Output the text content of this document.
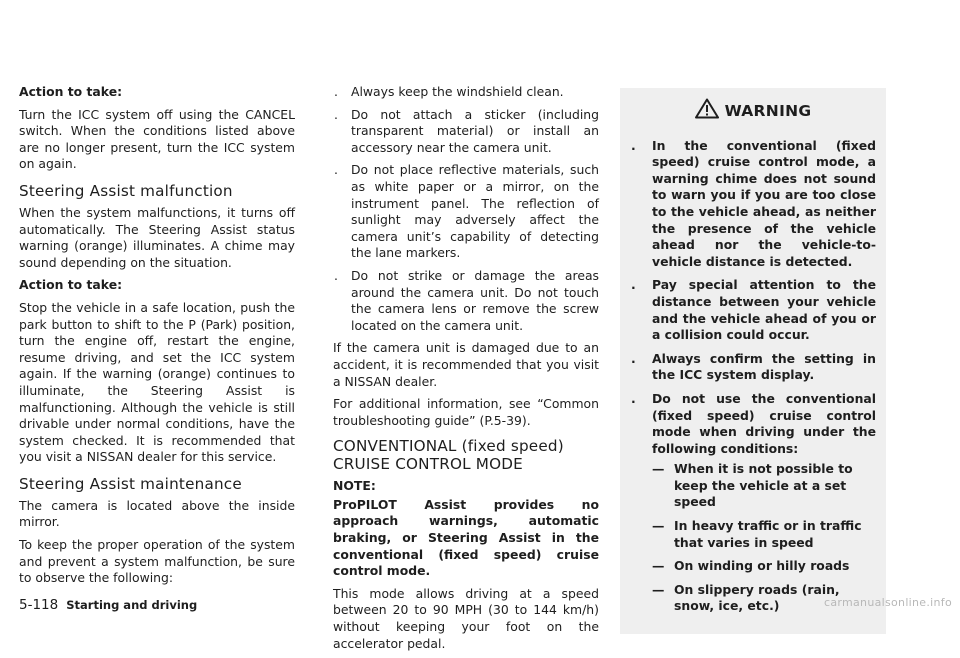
Action to take:

Turn the ICC system off using the CANCEL switch. When the conditions listed above are no longer present, turn the ICC system on again.

Steering Assist malfunction

When the system malfunctions, it turns off automatically. The Steering Assist status warning (orange) illuminates. A chime may sound depending on the situation.

Action to take:

Stop the vehicle in a safe location, push the park button to shift to the P (Park) position, turn the engine off, restart the engine, resume driving, and set the ICC system again. If the warning (orange) continues to illuminate, the Steering Assist is malfunctioning. Although the vehicle is still drivable under normal conditions, have the system checked. It is recommended that you visit a NISSAN dealer for this service.

Steering Assist maintenance

The camera is located above the inside mirror.

To keep the proper operation of the system and prevent a system malfunction, be sure to observe the following:

. Always keep the windshield clean.
. Do not attach a sticker (including transparent material) or install an accessory near the camera unit.
. Do not place reflective materials, such as white paper or a mirror, on the instrument panel. The reflection of sunlight may adversely affect the camera unit’s capability of detecting the lane markers.
. Do not strike or damage the areas around the camera unit. Do not touch the camera lens or remove the screw located on the camera unit.

If the camera unit is damaged due to an accident, it is recommended that you visit a NISSAN dealer.

For additional information, see “Common troubleshooting guide” (P.5-39).

CONVENTIONAL (fixed speed)
CRUISE CONTROL MODE

NOTE:

ProPILOT Assist provides no approach warnings, automatic braking, or Steering Assist in the conventional (fixed speed) cruise control mode.

This mode allows driving at a speed between 20 to 90 MPH (30 to 144 km/h) without keeping your foot on the accelerator pedal.

WARNING
. In the conventional (fixed speed) cruise control mode, a warning chime does not sound to warn you if you are too close to the vehicle ahead, as neither the presence of the vehicle ahead nor the vehicle-to-vehicle distance is detected.
. Pay special attention to the distance between your vehicle and the vehicle ahead of you or a collision could occur.
. Always confirm the setting in the ICC system display.
. Do not use the conventional (fixed speed) cruise control mode when driving under the following conditions:
— When it is not possible to keep the vehicle at a set speed
— In heavy traffic or in traffic that varies in speed
— On winding or hilly roads
— On slippery roads (rain, snow, ice, etc.)
5-118 Starting and driving	carmanualsonline.info
